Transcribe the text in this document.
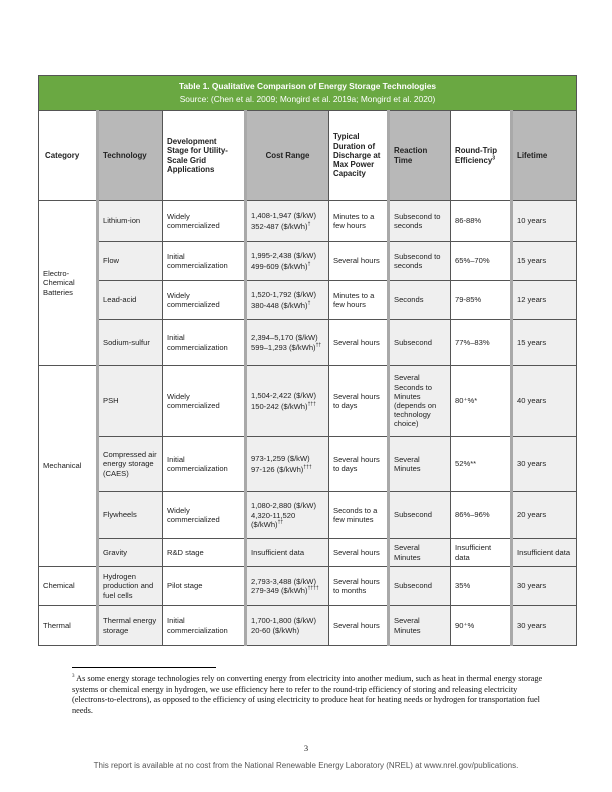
Table 1. Qualitative Comparison of Energy Storage Technologies
Source: (Chen et al. 2009; Mongird et al. 2019a; Mongird et al. 2020)							

Category	Technology	Development Stage for Utility-Scale Grid Applications	Cost Range	Typical Duration of Discharge at Max Power Capacity	Reaction Time	Round-Trip Efficiency$^3$	Lifetime
Electro-Chemical Batteries	Lithium-ion	Widely commercialized	1,408-1,947 ($/kW)
352-487 ($/kWh)†	Minutes to a few hours	Subsecond to seconds	86-88%	10 years
	Flow	Initial commercialization	1,995-2,438 ($/kW)
499-609 ($/kWh)†	Several hours	Subsecond to seconds	65%–70%	15 years
	Lead-acid	Widely commercialized	1,520-1,792 ($/kW)
380-448 ($/kWh)†	Minutes to a few hours	Seconds	79-85%	12 years
	Sodium-sulfur	Initial commercialization	2,394–5,170 ($/kW)
599–1,293 ($/kWh)††	Several hours	Subsecond	77%–83%	15 years
Mechanical	PSH	Widely commercialized	1,504-2,422 ($/kW)
150-242 ($/kWh)†††	Several hours to days	Several Seconds to Minutes (depends on technology choice)	80⁺%*	40 years
	Compressed air energy storage (CAES)	Initial commercialization	973-1,259 ($/kW)
97-126 ($/kWh)†††	Several hours to days	Several Minutes	52%**	30 years
	Flywheels	Widely commercialized	1,080-2,880 ($/kW)
4,320-11,520 ($/kWh)††	Seconds to a few minutes	Subsecond	86%–96%	20 years
	Gravity	R&D stage	Insufficient data	Several hours	Several Minutes	Insufficient data	Insufficient data
Chemical	Hydrogen production and fuel cells	Pilot stage	2,793-3,488 ($/kW) 279-349 ($/kWh)††††	Several hours to months	Subsecond	35%	30 years
Thermal	Thermal energy storage	Initial commercialization	1,700-1,800 ($/kW)
20-60 ($/kWh)	Several hours	Several Minutes	90⁺%	30 years
$^3$ As some energy storage technologies rely on converting energy from electricity into another medium, such as heat in thermal energy storage systems or chemical energy in hydrogen, we use efficiency here to refer to the round-trip efficiency of storing and releasing electricity (electrons-to-electrons), as opposed to the efficiency of using electricity to produce heat for heating needs or hydrogen for transportation fuel needs.
3
This report is available at no cost from the National Renewable Energy Laboratory (NREL) at www.nrel.gov/publications.
